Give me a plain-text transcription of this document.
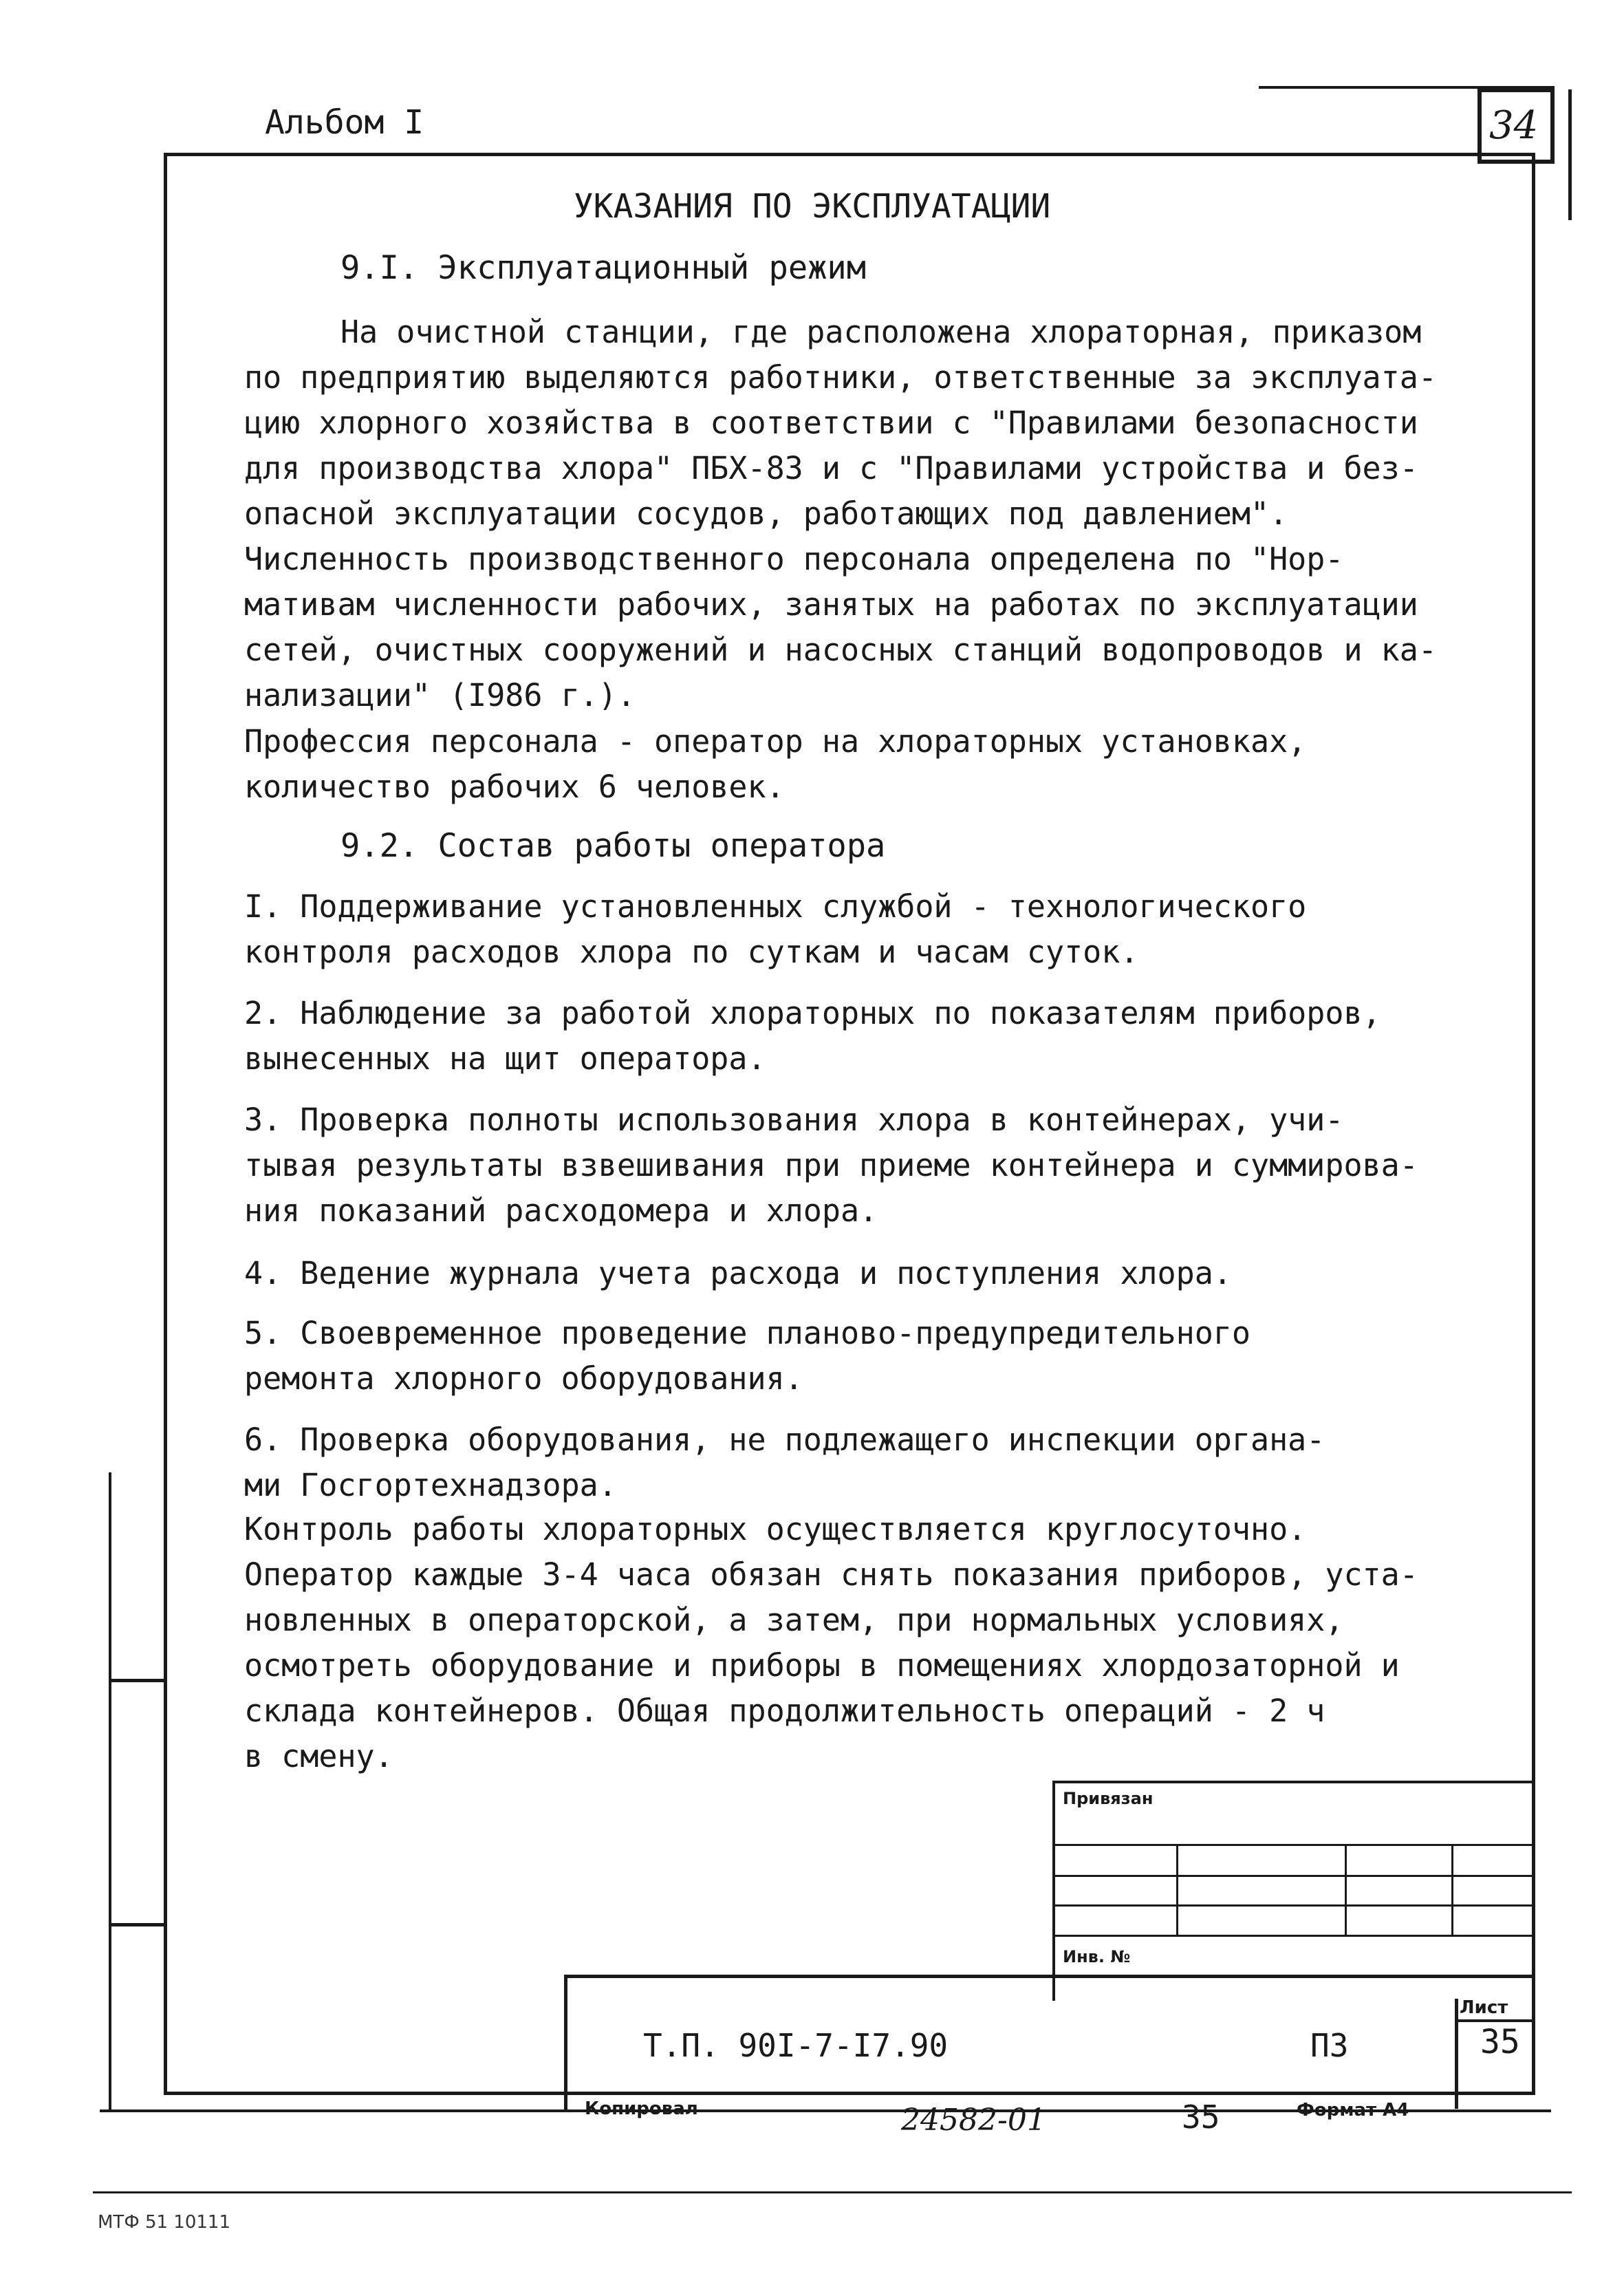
Альбом I	34
УКАЗАНИЯ ПО ЭКСПЛУАТАЦИИ
9.I. Эксплуатационный режим
На очистной станции, где расположена хлораторная, приказом
по предприятию выделяются работники, ответственные за эксплуата-
цию хлорного хозяйства в соответствии с "Правилами безопасности
для производства хлора" ПБХ-83 и с "Правилами устройства и без-
опасной эксплуатации сосудов, работающих под давлением".
Численность производственного персонала определена по "Нор-
мативам численности рабочих, занятых на работах по эксплуатации
сетей, очистных сооружений и насосных станций водопроводов и ка-
нализации" (I986 г.).
Профессия персонала - оператор на хлораторных установках,
количество рабочих 6 человек.
9.2. Состав работы оператора
I. Поддерживание установленных службой - технологического
контроля расходов хлора по суткам и часам суток.
2. Наблюдение за работой хлораторных по показателям приборов,
вынесенных на щит оператора.
3. Проверка полноты использования хлора в контейнерах, учи-
тывая результаты взвешивания при приеме контейнера и суммирова-
ния показаний расходомера и хлора.
4. Ведение журнала учета расхода и поступления хлора.
5. Своевременное проведение планово-предупредительного
ремонта хлорного оборудования.
6. Проверка оборудования, не подлежащего инспекции органа-
ми Госгортехнадзора.
Контроль работы хлораторных осуществляется круглосуточно.
Оператор каждые 3-4 часа обязан снять показания приборов, уста-
новленных в операторской, а затем, при нормальных условиях,
осмотреть оборудование и приборы в помещениях хлордозаторной и
склада контейнеров. Общая продолжительность операций - 2 ч
в смену.
Привязан
Инв. №
Т.П. 90I-7-I7.90	ПЗ
Лист
35
Копировал	24582-01	35	Формат А4
МТФ 51 10111
